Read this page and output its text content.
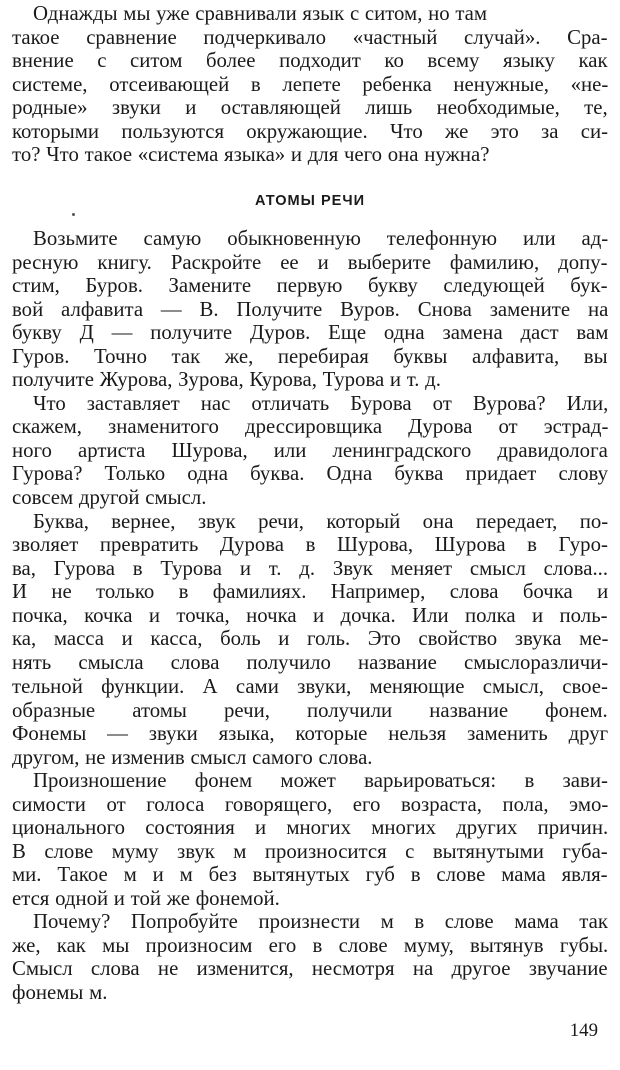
Однажды мы уже сравнивали язык с ситом, но там
такое сравнение подчеркивало «частный случай». Сра-
внение с ситом более подходит ко всему языку как
системе, отсеивающей в лепете ребенка ненужные, «не-
родные» звуки и оставляющей лишь необходимые, те,
которыми пользуются окружающие. Что же это за си-
то? Что такое «система языка» и для чего она нужна?
АТОМЫ РЕЧИ
Возьмите самую обыкновенную телефонную или ад-
ресную книгу. Раскройте ее и выберите фамилию, допу-
стим, Буров. Замените первую букву следующей бук-
вой алфавита — В. Получите Вуров. Снова замените на
букву Д — получите Дуров. Еще одна замена даст вам
Гуров. Точно так же, перебирая буквы алфавита, вы
получите Журова, Зурова, Курова, Турова и т. д.
Что заставляет нас отличать Бурова от Вурова? Или,
скажем, знаменитого дрессировщика Дурова от эстрад-
ного артиста Шурова, или ленинградского дравидолога
Гурова? Только одна буква. Одна буква придает слову
совсем другой смысл.
Буква, вернее, звук речи, который она передает, по-
зволяет превратить Дурова в Шурова, Шурова в Гуро-
ва, Гурова в Турова и т. д. Звук меняет смысл слова...
И не только в фамилиях. Например, слова бочка и
почка, кочка и точка, ночка и дочка. Или полка и поль-
ка, масса и касса, боль и голь. Это свойство звука ме-
нять смысла слова получило название смыслоразличи-
тельной функции. А сами звуки, меняющие смысл, свое-
образные атомы речи, получили название фонем.
Фонемы — звуки языка, которые нельзя заменить друг
другом, не изменив смысл самого слова.
Произношение фонем может варьироваться: в зави-
симости от голоса говорящего, его возраста, пола, эмо-
ционального состояния и многих многих других причин.
В слове муму звук м произносится с вытянутыми губа-
ми. Такое м и м без вытянутых губ в слове мама явля-
ется одной и той же фонемой.
Почему? Попробуйте произнести м в слове мама так
же, как мы произносим его в слове муму, вытянув губы.
Смысл слова не изменится, несмотря на другое звучание
фонемы м.
149
